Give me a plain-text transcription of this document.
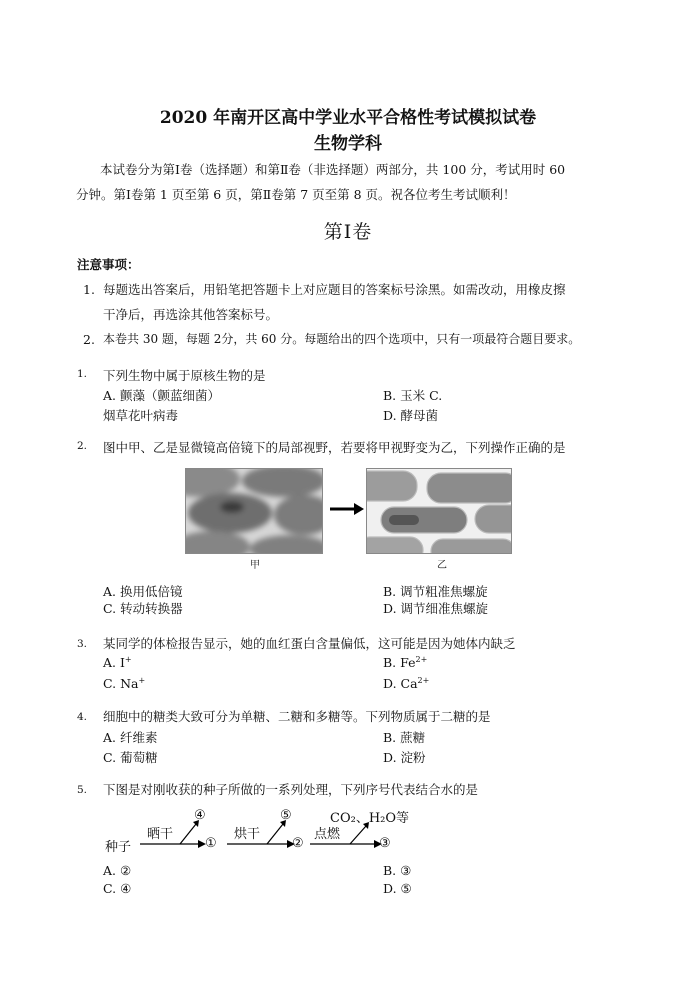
2020 年南开区高中学业水平合格性考试模拟试卷
生物学科
本试卷分为第Ⅰ卷（选择题）和第Ⅱ卷（非选择题）两部分，共 100 分，考试用时 60
分钟。第Ⅰ卷第 1 页至第 6 页，第Ⅱ卷第 7 页至第 8 页。祝各位考生考试顺利！
第Ⅰ卷
注意事项：
1. 每题选出答案后，用铅笔把答题卡上对应题目的答案标号涂黑。如需改动，用橡皮擦
干净后，再选涂其他答案标号。
2. 本卷共 30 题，每题 2分，共 60 分。每题给出的四个选项中，只有一项最符合题目要求。
1. 下列生物中属于原核生物的是
A. 颤藻（颤蓝细菌）	B. 玉米 C.
烟草花叶病毒	D. 酵母菌
2. 图中甲、乙是显微镜高倍镜下的局部视野，若要将甲视野变为乙，下列操作正确的是
甲	乙
A. 换用低倍镜	B. 调节粗准焦螺旋
C. 转动转换器	D. 调节细准焦螺旋
3. 某同学的体检报告显示，她的血红蛋白含量偏低，这可能是因为她体内缺乏
A. I+	B. $Fe^{2+}$
C. Na+	D. $Ca^{2+}$
4. 细胞中的糖类大致可分为单糖、二糖和多糖等。下列物质属于二糖的是
A. 纤维素	B. 蔗糖
C. 葡萄糖	D. 淀粉
5. 下图是对刚收获的种子所做的一系列处理，下列序号代表结合水的是
种子
晒干	烘干	点燃
①	②	③
④	⑤	CO₂、H₂O等
A. ②	B. ③
C. ④	D. ⑤
